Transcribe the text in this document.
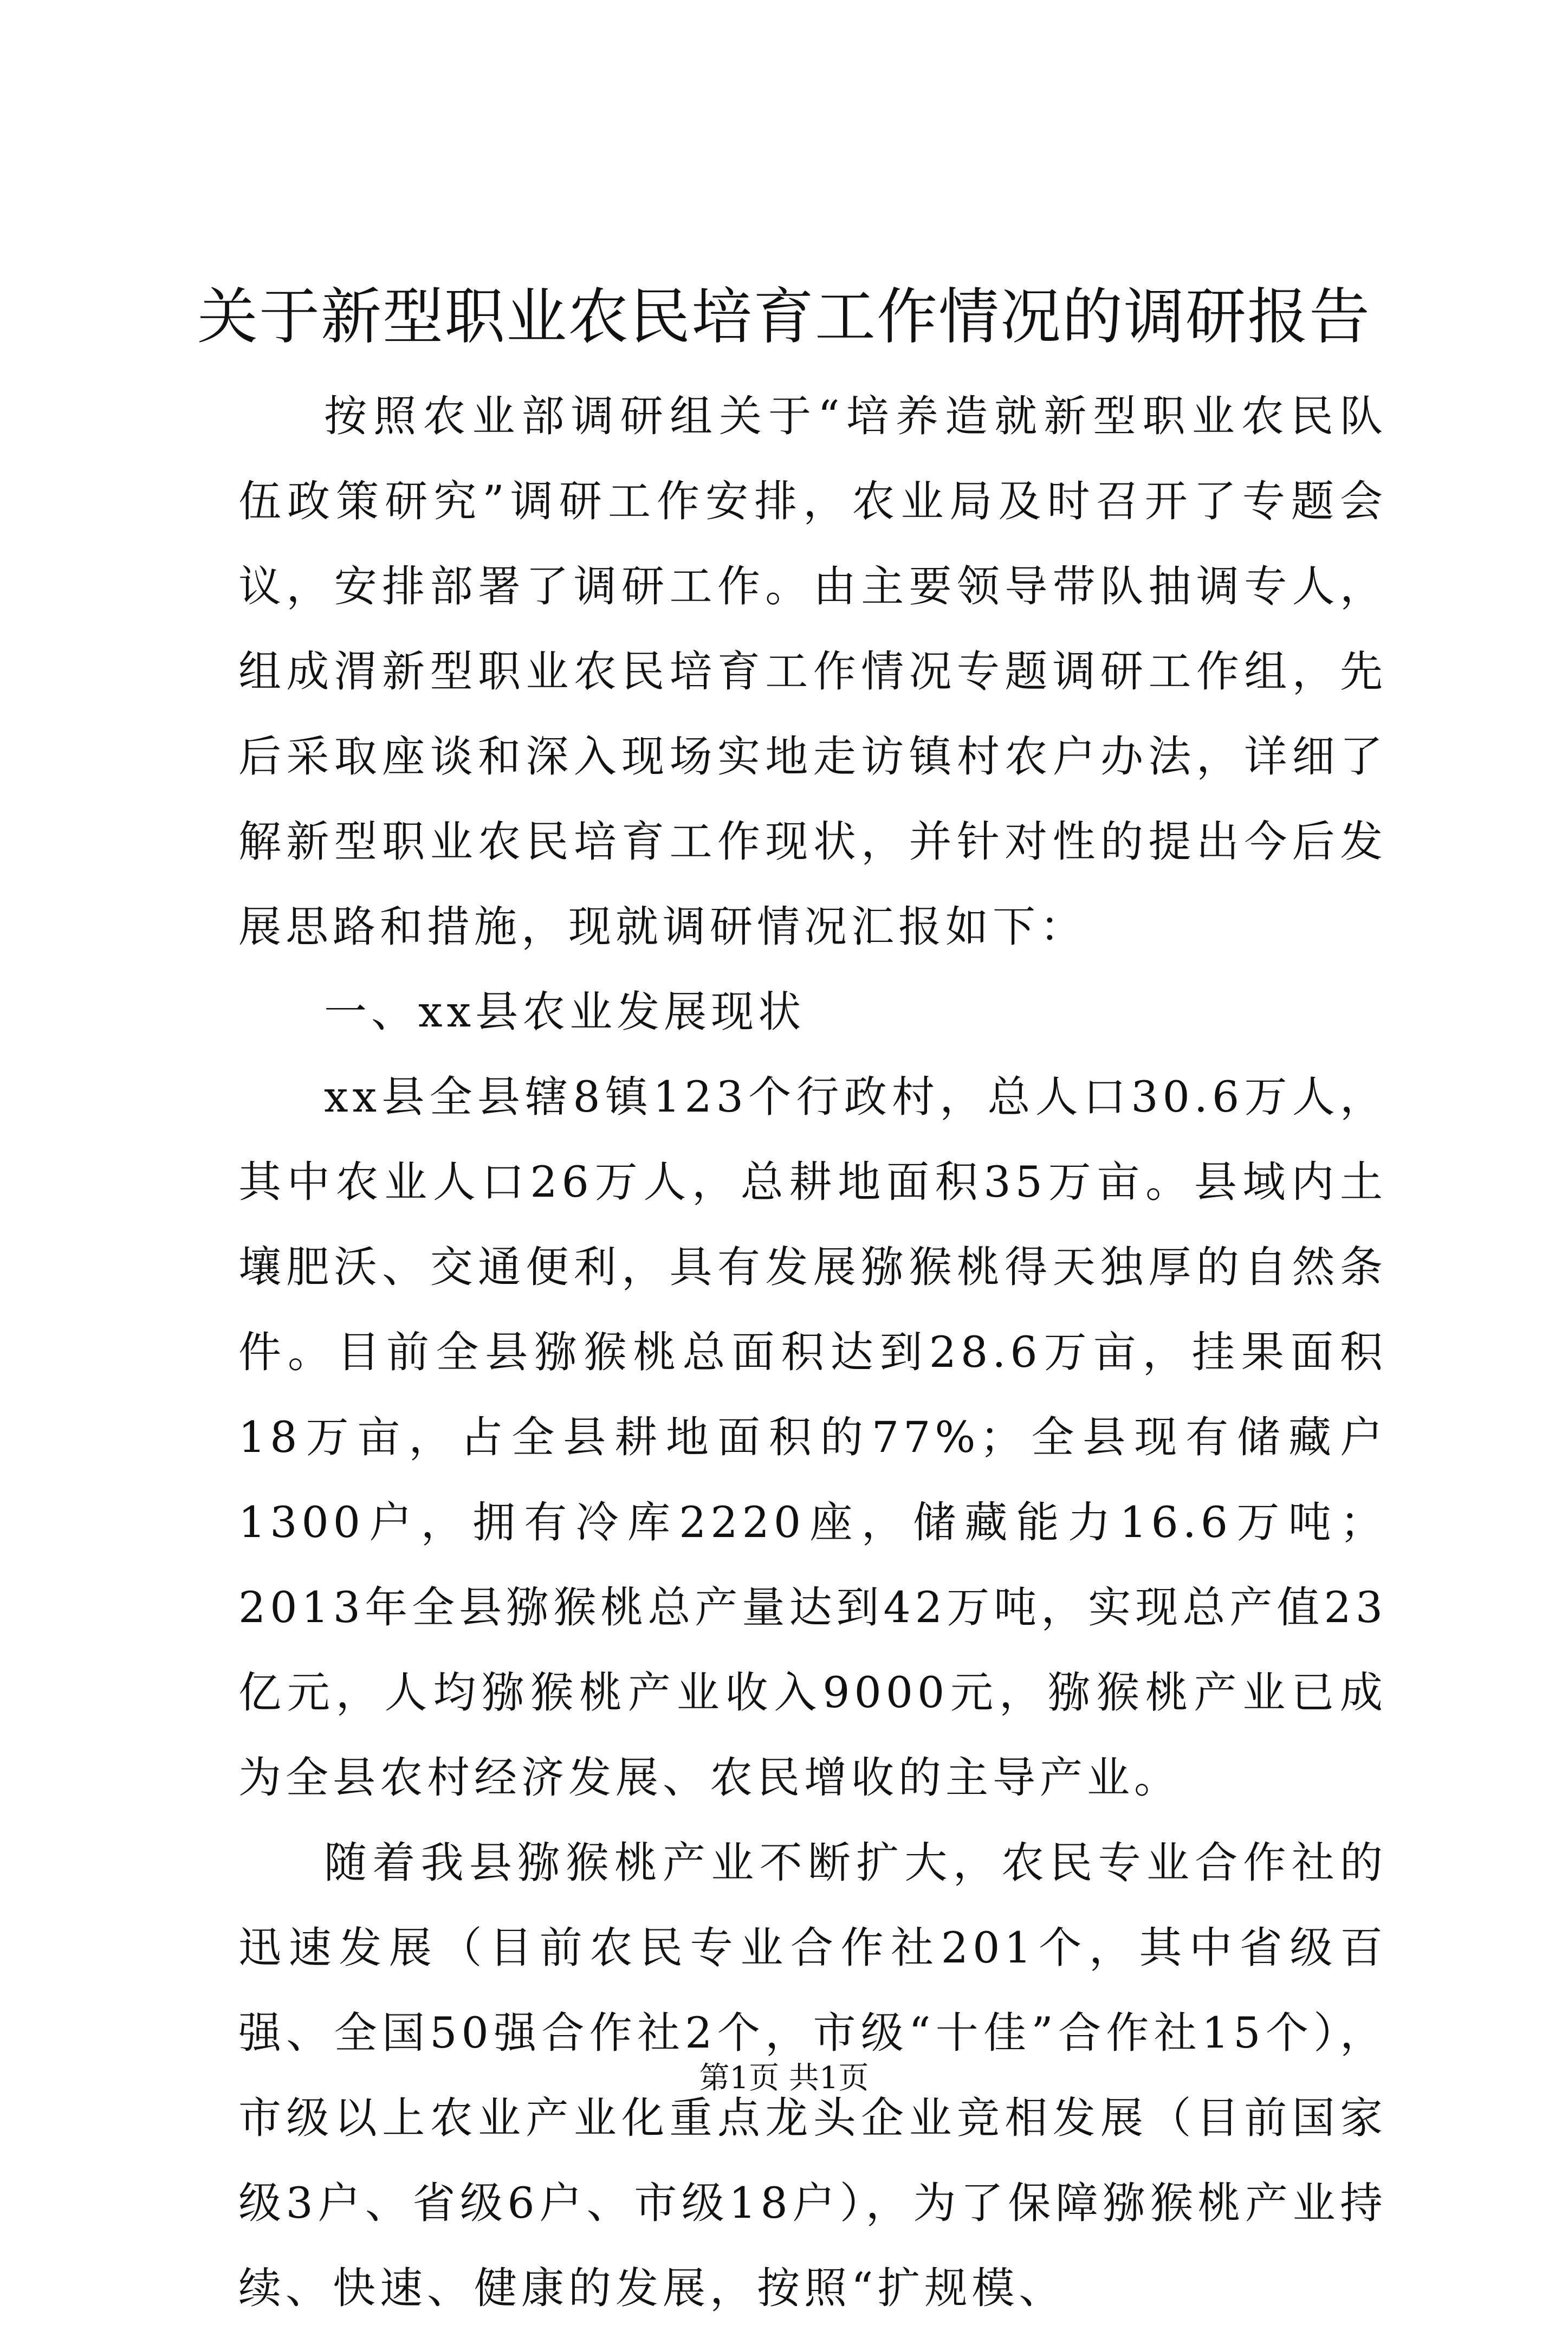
关于新型职业农民培育工作情况的调研报告

按照农业部调研组关于“培养造就新型职业农民队伍政策研究”调研工作安排，农业局及时召开了专题会议，安排部署了调研工作。由主要领导带队抽调专人，组成渭新型职业农民培育工作情况专题调研工作组，先后采取座谈和深入现场实地走访镇村农户办法，详细了解新型职业农民培育工作现状，并针对性的提出今后发展思路和措施，现就调研情况汇报如下：

一、xx县农业发展现状

xx县全县辖8镇123个行政村，总人口30.6万人，其中农业人口26万人，总耕地面积35万亩。县域内土壤肥沃、交通便利，具有发展猕猴桃得天独厚的自然条件。目前全县猕猴桃总面积达到28.6万亩，挂果面积18万亩，占全县耕地面积的77%；全县现有储藏户1300户，拥有冷库2220座，储藏能力16.6万吨；2013年全县猕猴桃总产量达到42万吨，实现总产值23亿元，人均猕猴桃产业收入9000元，猕猴桃产业已成为全县农村经济发展、农民增收的主导产业。

随着我县猕猴桃产业不断扩大，农民专业合作社的迅速发展（目前农民专业合作社201个，其中省级百强、全国50强合作社2个，市级“十佳”合作社15个），市级以上农业产业化重点龙头企业竞相发展（目前国家级3户、省级6户、市级18户），为了保障猕猴桃产业持续、快速、健康的发展，按照“扩规模、

第1页 共1页
